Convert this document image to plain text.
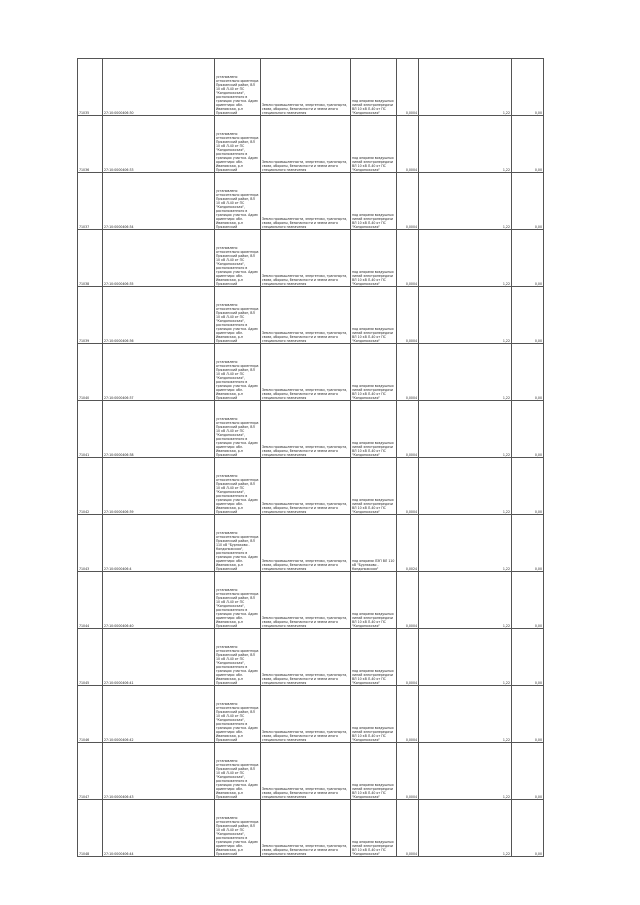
71035	27:10:0000406:30	установлено относительно ориентира Пряжинский район, ВЛ 10 кВ Л-40 от ПС "Кондопожская", расположенного в границах участка. Адрес ориентира: обл. Ивановская, р-н Пряжинский	Земли промышленности, энергетики, транспорта, связи, обороны, безопасности и земли иного специального назначения	под опорами воздушных линий электропередачи ВЛ 10 кВ Л-40 от ПС "Кондопожская"	0,0004	1,22	0,00
71036	27:10:0000406:33	установлено относительно ориентира Пряжинский район, ВЛ 10 кВ Л-40 от ПС "Кондопожская", расположенного в границах участка. Адрес ориентира: обл. Ивановская, р-н Пряжинский	Земли промышленности, энергетики, транспорта, связи, обороны, безопасности и земли иного специального назначения	под опорами воздушных линий электропередачи ВЛ 10 кВ Л-40 от ПС "Кондопожская"	0,0004	1,22	0,00
71037	27:10:0000406:34	установлено относительно ориентира Пряжинский район, ВЛ 10 кВ Л-40 от ПС "Кондопожская", расположенного в границах участка. Адрес ориентира: обл. Ивановская, р-н Пряжинский	Земли промышленности, энергетики, транспорта, связи, обороны, безопасности и земли иного специального назначения	под опорами воздушных линий электропередачи ВЛ 10 кВ Л-40 от ПС "Кондопожская"	0,0004	1,22	0,00
71038	27:10:0000406:35	установлено относительно ориентира Пряжинский район, ВЛ 10 кВ Л-40 от ПС "Кондопожская", расположенного в границах участка. Адрес ориентира: обл. Ивановская, р-н Пряжинский	Земли промышленности, энергетики, транспорта, связи, обороны, безопасности и земли иного специального назначения	под опорами воздушных линий электропередачи ВЛ 10 кВ Л-40 от ПС "Кондопожская"	0,0004	1,22	0,00
71039	27:10:0000406:36	установлено относительно ориентира Пряжинский район, ВЛ 10 кВ Л-40 от ПС "Кондопожская", расположенного в границах участка. Адрес ориентира: обл. Ивановская, р-н Пряжинский	Земли промышленности, энергетики, транспорта, связи, обороны, безопасности и земли иного специального назначения	под опорами воздушных линий электропередачи ВЛ 10 кВ Л-40 от ПС "Кондопожская"	0,0004	1,22	0,00
71040	27:10:0000406:37	установлено относительно ориентира Пряжинский район, ВЛ 10 кВ Л-40 от ПС "Кондопожская", расположенного в границах участка. Адрес ориентира: обл. Ивановская, р-н Пряжинский	Земли промышленности, энергетики, транспорта, связи, обороны, безопасности и земли иного специального назначения	под опорами воздушных линий электропередачи ВЛ 10 кВ Л-40 от ПС "Кондопожская"	0,0004	1,22	0,00
71041	27:10:0000406:38	установлено относительно ориентира Пряжинский район, ВЛ 10 кВ Л-40 от ПС "Кондопожская", расположенного в границах участка. Адрес ориентира: обл. Ивановская, р-н Пряжинский	Земли промышленности, энергетики, транспорта, связи, обороны, безопасности и земли иного специального назначения	под опорами воздушных линий электропередачи ВЛ 10 кВ Л-40 от ПС "Кондопожская"	0,0004	1,22	0,00
71042	27:10:0000406:39	установлено относительно ориентира Пряжинский район, ВЛ 10 кВ Л-40 от ПС "Кондопожская", расположенного в границах участка. Адрес ориентира: обл. Ивановская, р-н Пряжинский	Земли промышленности, энергетики, транспорта, связи, обороны, безопасности и земли иного специального назначения	под опорами воздушных линий электропередачи ВЛ 10 кВ Л-40 от ПС "Кондопожская"	0,0004	1,22	0,00
71043	27:10:0000406:4	установлено относительно ориентира Пряжинский район, ВЛ 110 кВ "Бурнаково - Кондопожская", расположенного в границах участка. Адрес ориентира: обл. Ивановская, р-н Пряжинский	Земли промышленности, энергетики, транспорта, связи, обороны, безопасности и земли иного специального назначения	под опорами ЛЭП ВЛ 110 кВ "Бурнаково - Кондопожская"	0,0024	1,22	0,00
71044	27:10:0000406:40	установлено относительно ориентира Пряжинский район, ВЛ 10 кВ Л-40 от ПС "Кондопожская", расположенного в границах участка. Адрес ориентира: обл. Ивановская, р-н Пряжинский	Земли промышленности, энергетики, транспорта, связи, обороны, безопасности и земли иного специального назначения	под опорами воздушных линий электропередачи ВЛ 10 кВ Л-40 от ПС "Кондопожская"	0,0004	1,22	0,00
71045	27:10:0000406:41	установлено относительно ориентира Пряжинский район, ВЛ 10 кВ Л-40 от ПС "Кондопожская", расположенного в границах участка. Адрес ориентира: обл. Ивановская, р-н Пряжинский	Земли промышленности, энергетики, транспорта, связи, обороны, безопасности и земли иного специального назначения	под опорами воздушных линий электропередачи ВЛ 10 кВ Л-40 от ПС "Кондопожская"	0,0004	1,22	0,00
71046	27:10:0000406:42	установлено относительно ориентира Пряжинский район, ВЛ 10 кВ Л-40 от ПС "Кондопожская", расположенного в границах участка. Адрес ориентира: обл. Ивановская, р-н Пряжинский	Земли промышленности, энергетики, транспорта, связи, обороны, безопасности и земли иного специального назначения	под опорами воздушных линий электропередачи ВЛ 10 кВ Л-40 от ПС "Кондопожская"	0,0004	1,22	0,00
71047	27:10:0000406:43	установлено относительно ориентира Пряжинский район, ВЛ 10 кВ Л-40 от ПС "Кондопожская", расположенного в границах участка. Адрес ориентира: обл. Ивановская, р-н Пряжинский	Земли промышленности, энергетики, транспорта, связи, обороны, безопасности и земли иного специального назначения	под опорами воздушных линий электропередачи ВЛ 10 кВ Л-40 от ПС "Кондопожская"	0,0004	1,22	0,00
71048	27:10:0000406:44	установлено относительно ориентира Пряжинский район, ВЛ 10 кВ Л-40 от ПС "Кондопожская", расположенного в границах участка. Адрес ориентира: обл. Ивановская, р-н Пряжинский	Земли промышленности, энергетики, транспорта, связи, обороны, безопасности и земли иного специального назначения	под опорами воздушных линий электропередачи ВЛ 10 кВ Л-40 от ПС "Кондопожская"	0,0004	1,22	0,00
